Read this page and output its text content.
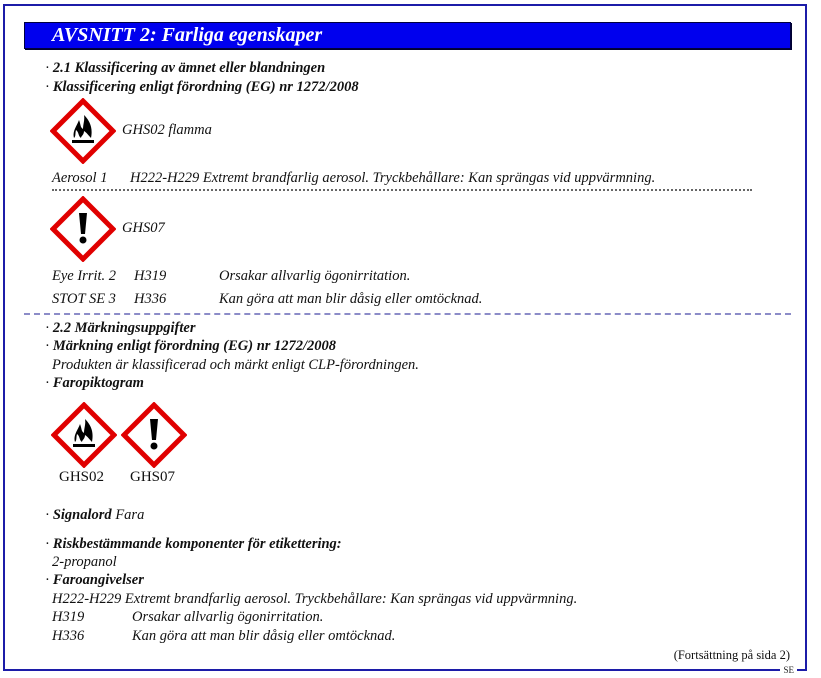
SE
AVSNITT 2: Farliga egenskaper
· 2.1 Klassificering av ämnet eller blandningen
· Klassificering enligt förordning (EG) nr 1272/2008
GHS02 flamma
Aerosol 1 H222-H229 Extremt brandfarlig aerosol. Tryckbehållare: Kan sprängas vid uppvärmning.
GHS07
Eye Irrit. 2 H319	Orsakar allvarlig ögonirritation.
STOT SE 3 H336	Kan göra att man blir dåsig eller omtöcknad.
· 2.2 Märkningsuppgifter
· Märkning enligt förordning (EG) nr 1272/2008
Produkten är klassificerad och märkt enligt CLP-förordningen.
· Faropiktogram
GHS02 GHS07
· Signalord Fara
· Riskbestämmande komponenter för etikettering:
2-propanol
· Faroangivelser
H222-H229 Extremt brandfarlig aerosol. Tryckbehållare: Kan sprängas vid uppvärmning.
H319	Orsakar allvarlig ögonirritation.
H336	Kan göra att man blir dåsig eller omtöcknad.
(Fortsättning på sida 2)
